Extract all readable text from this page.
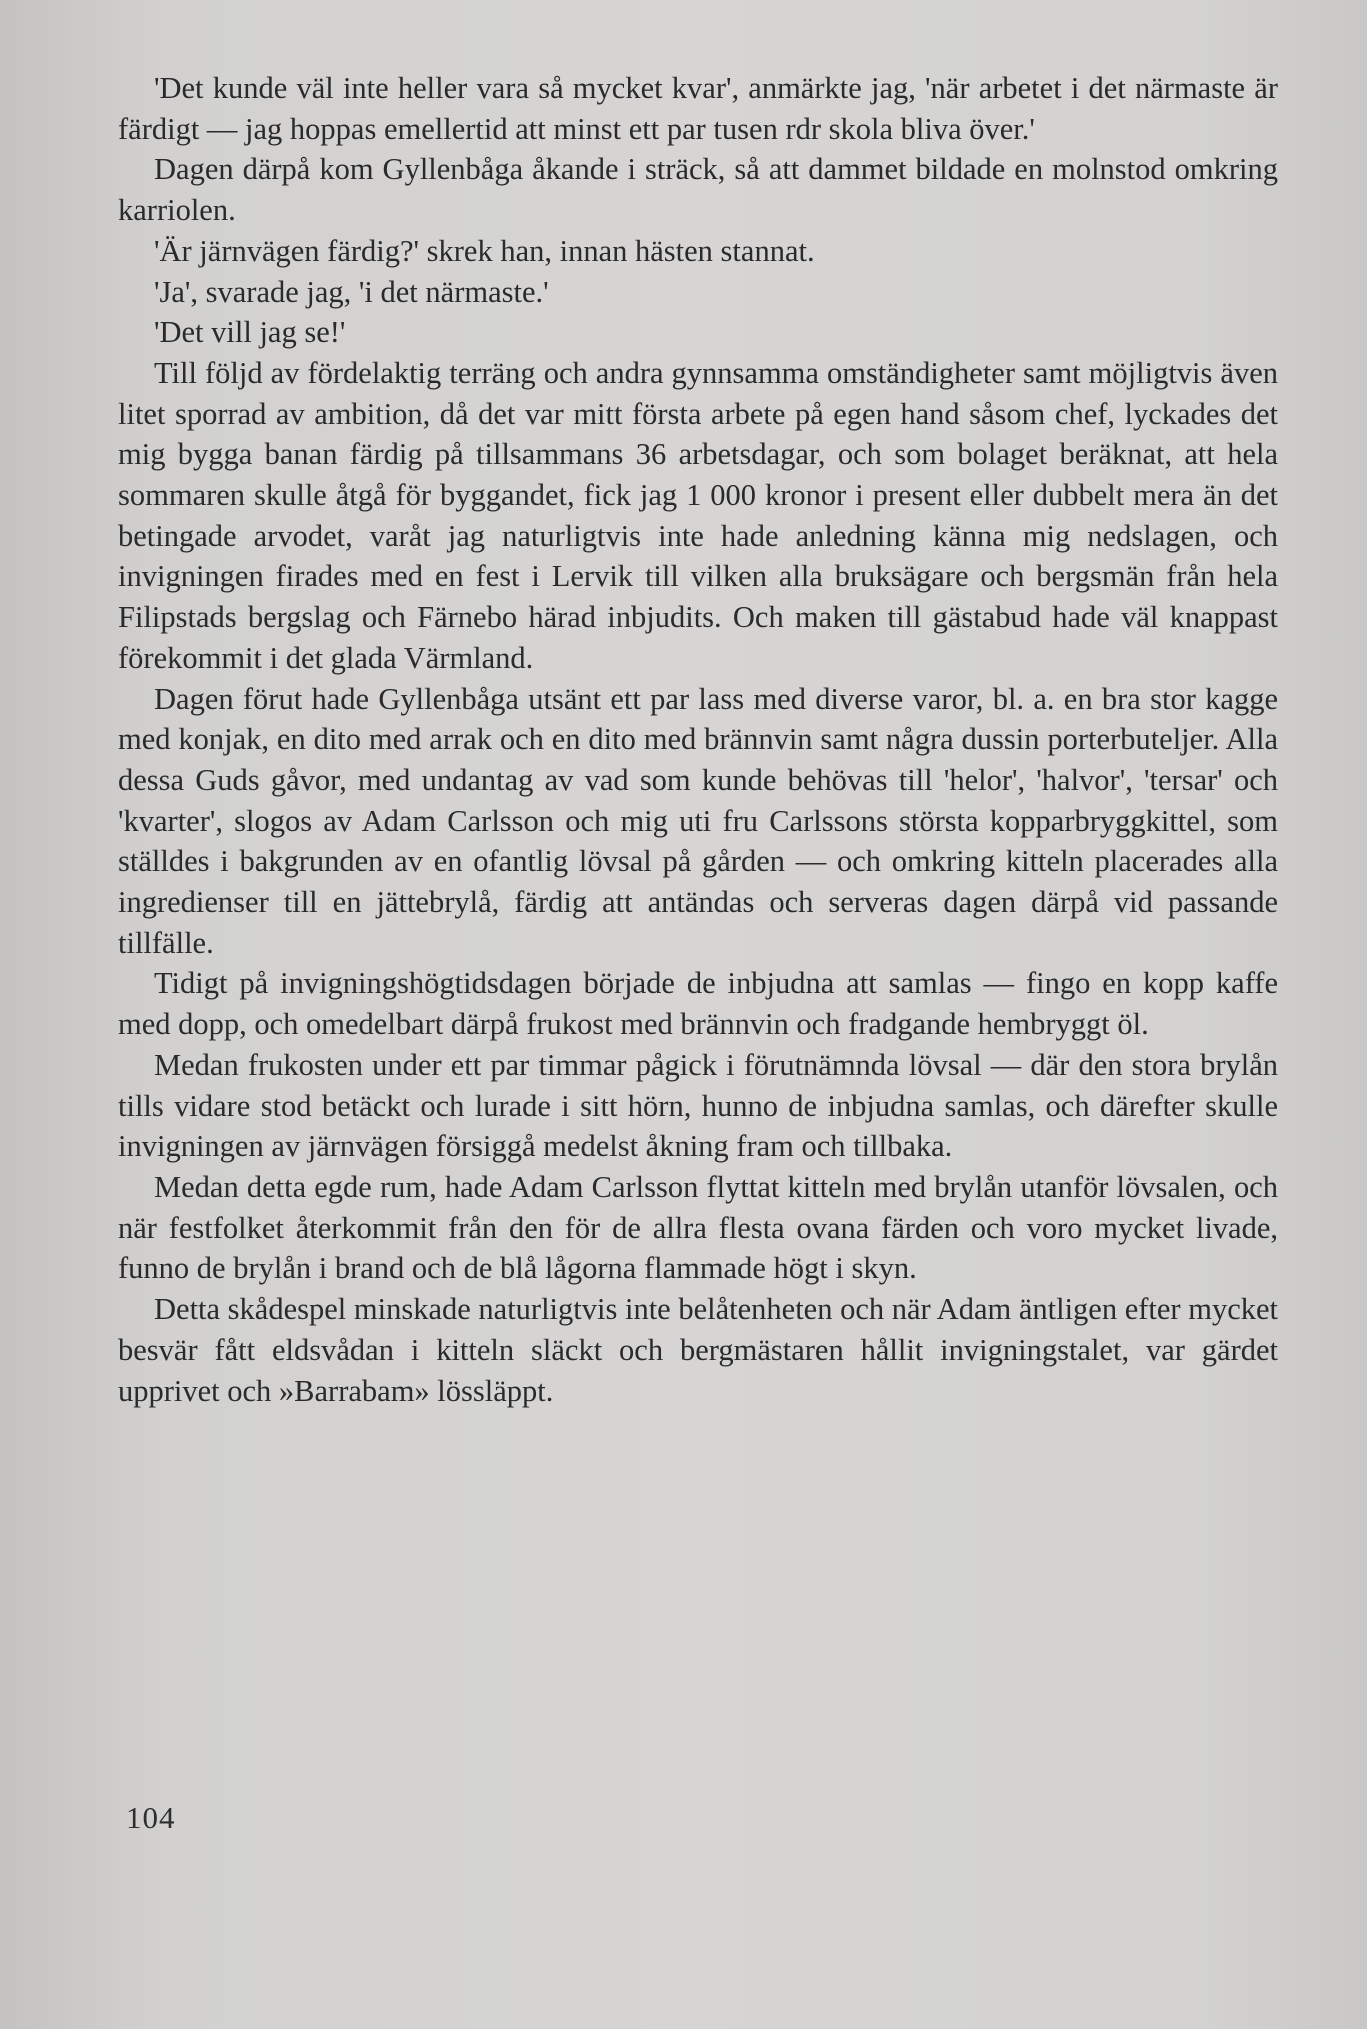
'Det kunde väl inte heller vara så mycket kvar', anmärkte jag, 'när arbetet i det närmaste är färdigt — jag hoppas emellertid att minst ett par tusen rdr skola bliva över.'

Dagen därpå kom Gyllenbåga åkande i sträck, så att dammet bildade en molnstod omkring karriolen.

'Är järnvägen färdig?' skrek han, innan hästen stannat.

'Ja', svarade jag, 'i det närmaste.'

'Det vill jag se!'

Till följd av fördelaktig terräng och andra gynnsamma omständigheter samt möjligtvis även litet sporrad av ambition, då det var mitt första arbete på egen hand såsom chef, lyckades det mig bygga banan färdig på tillsammans 36 arbetsdagar, och som bolaget beräknat, att hela sommaren skulle åtgå för byggandet, fick jag 1 000 kronor i present eller dubbelt mera än det betingade arvodet, varåt jag naturligtvis inte hade anledning känna mig nedslagen, och invigningen firades med en fest i Lervik till vilken alla bruksägare och bergsmän från hela Filipstads bergslag och Färnebo härad inbjudits. Och maken till gästabud hade väl knappast förekommit i det glada Värmland.

Dagen förut hade Gyllenbåga utsänt ett par lass med diverse varor, bl. a. en bra stor kagge med konjak, en dito med arrak och en dito med brännvin samt några dussin porterbuteljer. Alla dessa Guds gåvor, med undantag av vad som kunde behövas till 'helor', 'halvor', 'tersar' och 'kvarter', slogos av Adam Carlsson och mig uti fru Carlssons största kopparbryggkittel, som ställdes i bakgrunden av en ofantlig lövsal på gården — och omkring kitteln placerades alla ingredienser till en jättebrylå, färdig att antändas och serveras dagen därpå vid passande tillfälle.

Tidigt på invigningshögtidsdagen började de inbjudna att samlas — fingo en kopp kaffe med dopp, och omedelbart därpå frukost med brännvin och fradgande hembryggt öl.

Medan frukosten under ett par timmar pågick i förutnämnda lövsal — där den stora brylån tills vidare stod betäckt och lurade i sitt hörn, hunno de inbjudna samlas, och därefter skulle invigningen av järnvägen försiggå medelst åkning fram och tillbaka.

Medan detta egde rum, hade Adam Carlsson flyttat kitteln med brylån utanför lövsalen, och när festfolket återkommit från den för de allra flesta ovana färden och voro mycket livade, funno de brylån i brand och de blå lågorna flammade högt i skyn.

Detta skådespel minskade naturligtvis inte belåtenheten och när Adam äntligen efter mycket besvär fått eldsvådan i kitteln släckt och bergmästaren hållit invigningstalet, var gärdet upprivet och »Barrabam» lössläppt.

104
